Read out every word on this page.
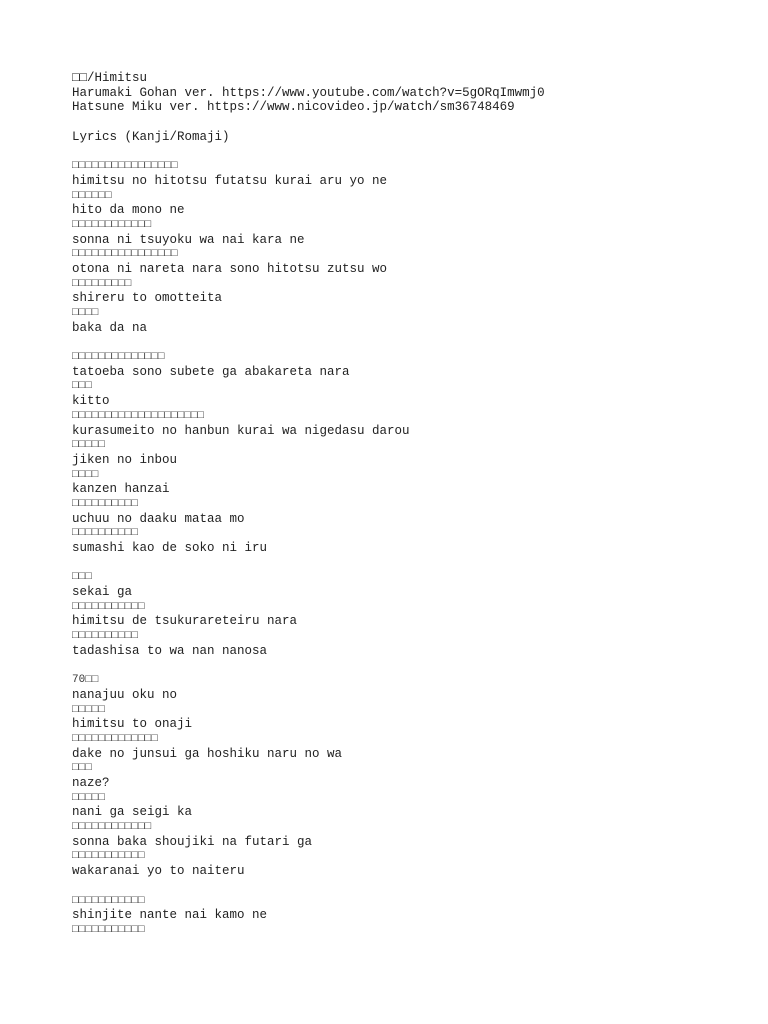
□□/Himitsu
Harumaki Gohan ver. https://www.youtube.com/watch?v=5gORqImwmj0
Hatsune Miku ver. https://www.nicovideo.jp/watch/sm36748469
Lyrics (Kanji/Romaji)
□□□□□□□□□□□□□□□□
himitsu no hitotsu futatsu kurai aru yo ne
□□□□□□
hito da mono ne
□□□□□□□□□□□□
sonna ni tsuyoku wa nai kara ne
□□□□□□□□□□□□□□□□
otona ni nareta nara sono hitotsu zutsu wo
□□□□□□□□□
shireru to omotteita
□□□□
baka da na
□□□□□□□□□□□□□□
tatoeba sono subete ga abakareta nara
□□□
kitto
□□□□□□□□□□□□□□□□□□□□
kurasumeito no hanbun kurai wa nigedasu darou
□□□□□
jiken no inbou
□□□□
kanzen hanzai
□□□□□□□□□□
uchuu no daaku mataa mo
□□□□□□□□□□
sumashi kao de soko ni iru
□□□
sekai ga
□□□□□□□□□□□
himitsu de tsukurareteiru nara
□□□□□□□□□□
tadashisa to wa nan nanosa
70□□
nanajuu oku no
□□□□□
himitsu to onaji
□□□□□□□□□□□□□
dake no junsui ga hoshiku naru no wa
□□□
naze?
□□□□□
nani ga seigi ka
□□□□□□□□□□□□
sonna baka shoujiki na futari ga
□□□□□□□□□□□
wakaranai yo to naiteru
□□□□□□□□□□□
shinjite nante nai kamo ne
□□□□□□□□□□□
